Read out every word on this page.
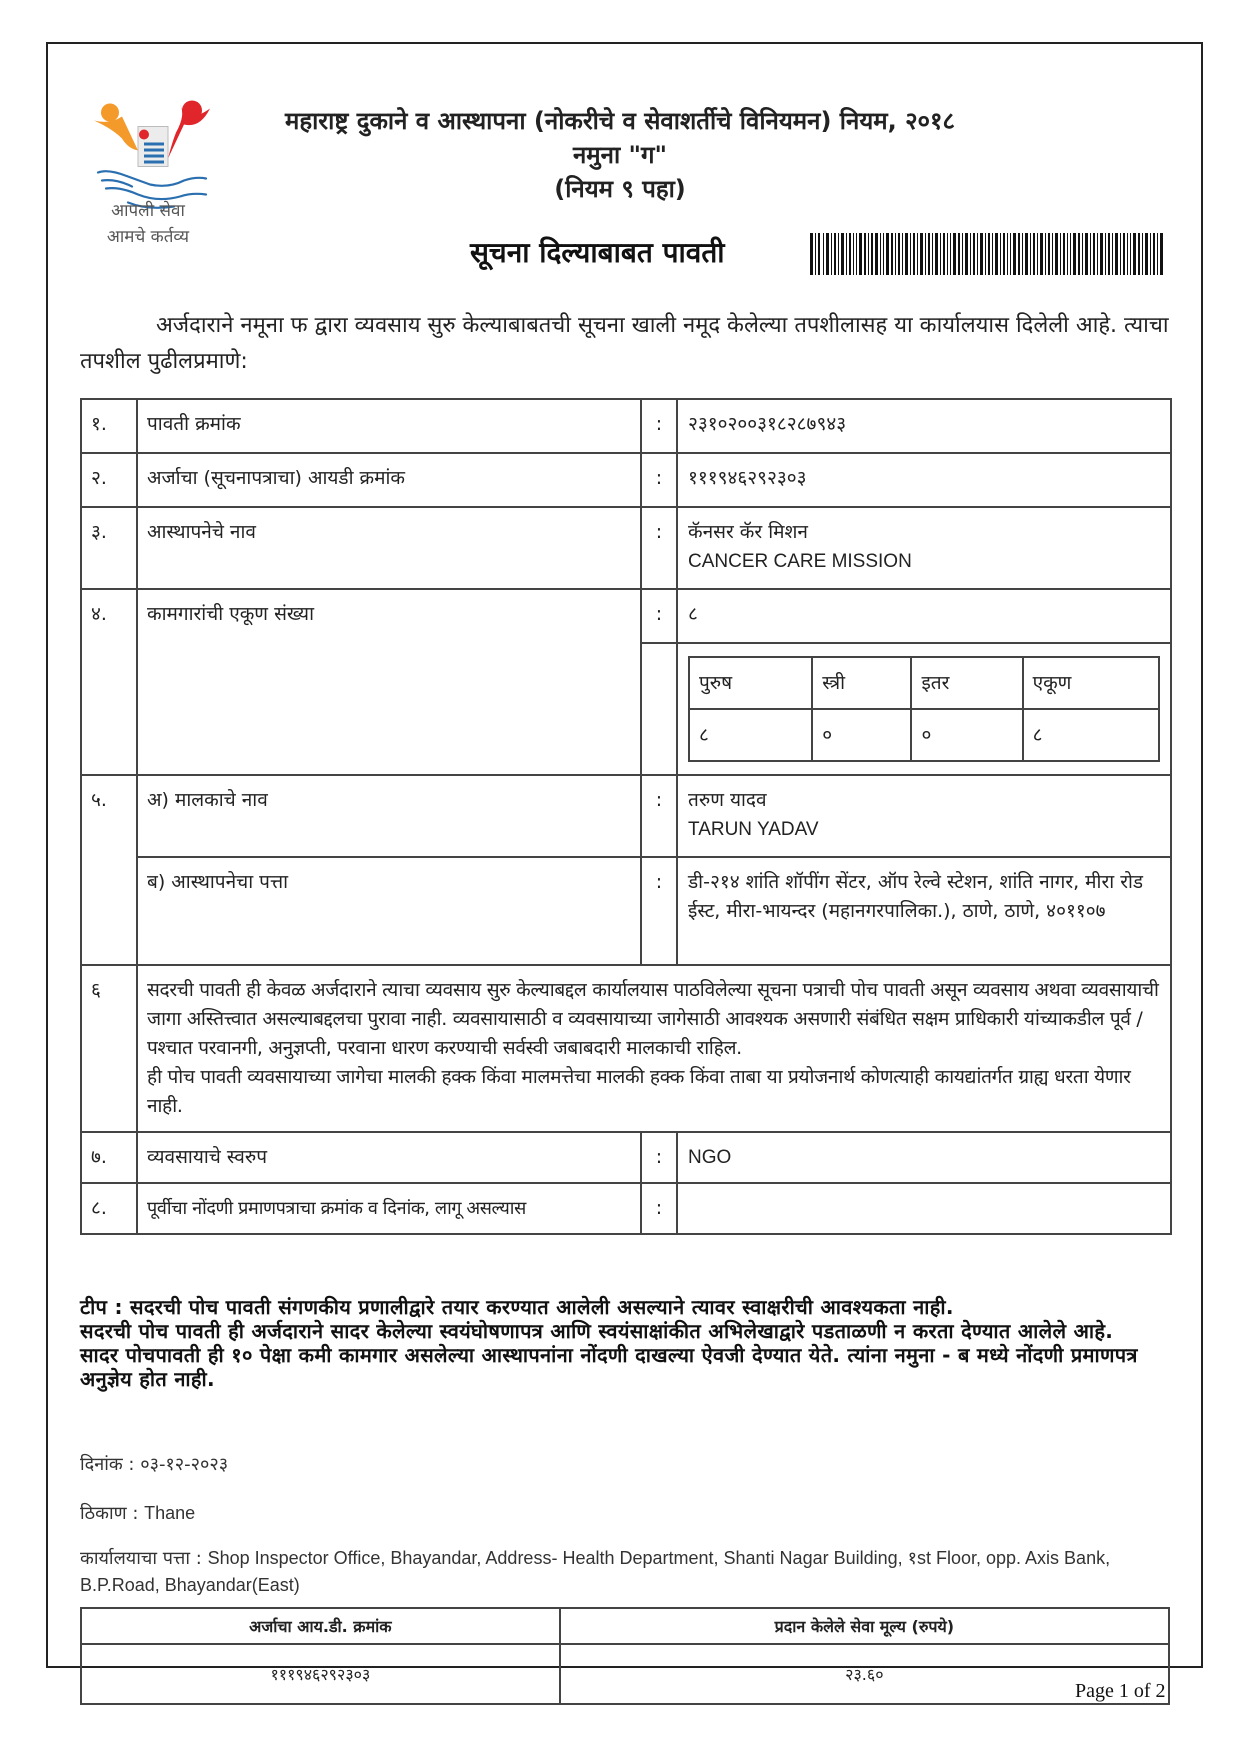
आपली सेवा
आमचे कर्तव्य
महाराष्ट्र दुकाने व आस्थापना (नोकरीचे व सेवाशर्तीचे विनियमन) नियम, २०१८
नमुना "ग"
(नियम ९ पहा)
सूचना दिल्याबाबत पावती
अर्जदाराने नमूना फ द्वारा व्यवसाय सुरु केल्याबाबतची सूचना खाली नमूद केलेल्या तपशीलासह या कार्यालयास दिलेली आहे. त्याचा तपशील पुढीलप्रमाणे:
१.	पावती क्रमांक	:	२३१०२००३१८२८७९४३
२.	अर्जाचा (सूचनापत्राचा) आयडी क्रमांक	:	१११९४६२९२३०३
३.	आस्थापनेचे नाव	:	कॅनसर कॅर मिशन
CANCER CARE MISSION

४.	कामगारांची एकूण संख्या	:	८

पुरुष	स्त्री	इतर	एकूण
८	०	०	८

५.	अ) मालकाचे नाव	:	तरुण यादव
TARUN YADAV

ब) आस्थापनेचा पत्ता	:	डी-२१४ शांति शॉपींग सेंटर, ऑप रेल्वे स्टेशन, शांति नागर, मीरा रोड ईस्ट, मीरा-भायन्दर (महानगरपालिका.), ठाणे, ठाणे, ४०११०७
६	सदरची पावती ही केवळ अर्जदाराने त्याचा व्यवसाय सुरु केल्याबद्दल कार्यालयास पाठविलेल्या सूचना पत्राची पोच पावती असून व्यवसाय अथवा व्यवसायाची जागा अस्तित्त्वात असल्याबद्दलचा पुरावा नाही. व्यवसायासाठी व व्यवसायाच्या जागेसाठी आवश्यक असणारी संबंधित सक्षम प्राधिकारी यांच्याकडील पूर्व / पश्चात परवानगी, अनुज्ञप्ती, परवाना धारण करण्याची सर्वस्वी जबाबदारी मालकाची राहिल.
ही पोच पावती व्यवसायाच्या जागेचा मालकी हक्क किंवा मालमत्तेचा मालकी हक्क किंवा ताबा या प्रयोजनार्थ कोणत्याही कायद्यांतर्गत ग्राह्य धरता येणार नाही.

७.	व्यवसायाचे स्वरुप	:	NGO
८.	पूर्वीचा नोंदणी प्रमाणपत्राचा क्रमांक व दिनांक, लागू असल्यास	:	
टीप : सदरची पोच पावती संगणकीय प्रणालीद्वारे तयार करण्यात आलेली असल्याने त्यावर स्वाक्षरीची आवश्यकता नाही.
सदरची पोच पावती ही अर्जदाराने सादर केलेल्या स्वयंघोषणापत्र आणि स्वयंसाक्षांकीत अभिलेखाद्वारे पडताळणी न करता देण्यात आलेले आहे.
सादर पोचपावती ही १० पेक्षा कमी कामगार असलेल्या आस्थापनांना नोंदणी दाखल्या ऐवजी देण्यात येते. त्यांना नमुना - ब मध्ये नोंदणी प्रमाणपत्र अनुज्ञेय होत नाही.
दिनांक : ०३-१२-२०२३
ठिकाण : Thane
कार्यालयाचा पत्ता : Shop Inspector Office, Bhayandar, Address- Health Department, Shanti Nagar Building, १st Floor, opp. Axis Bank, B.P.Road, Bhayandar(East)
अर्जाचा आय.डी. क्रमांक	प्रदान केलेले सेवा मूल्य (रुपये)
१११९४६२९२३०३	२३.६०
Page 1 of 2
